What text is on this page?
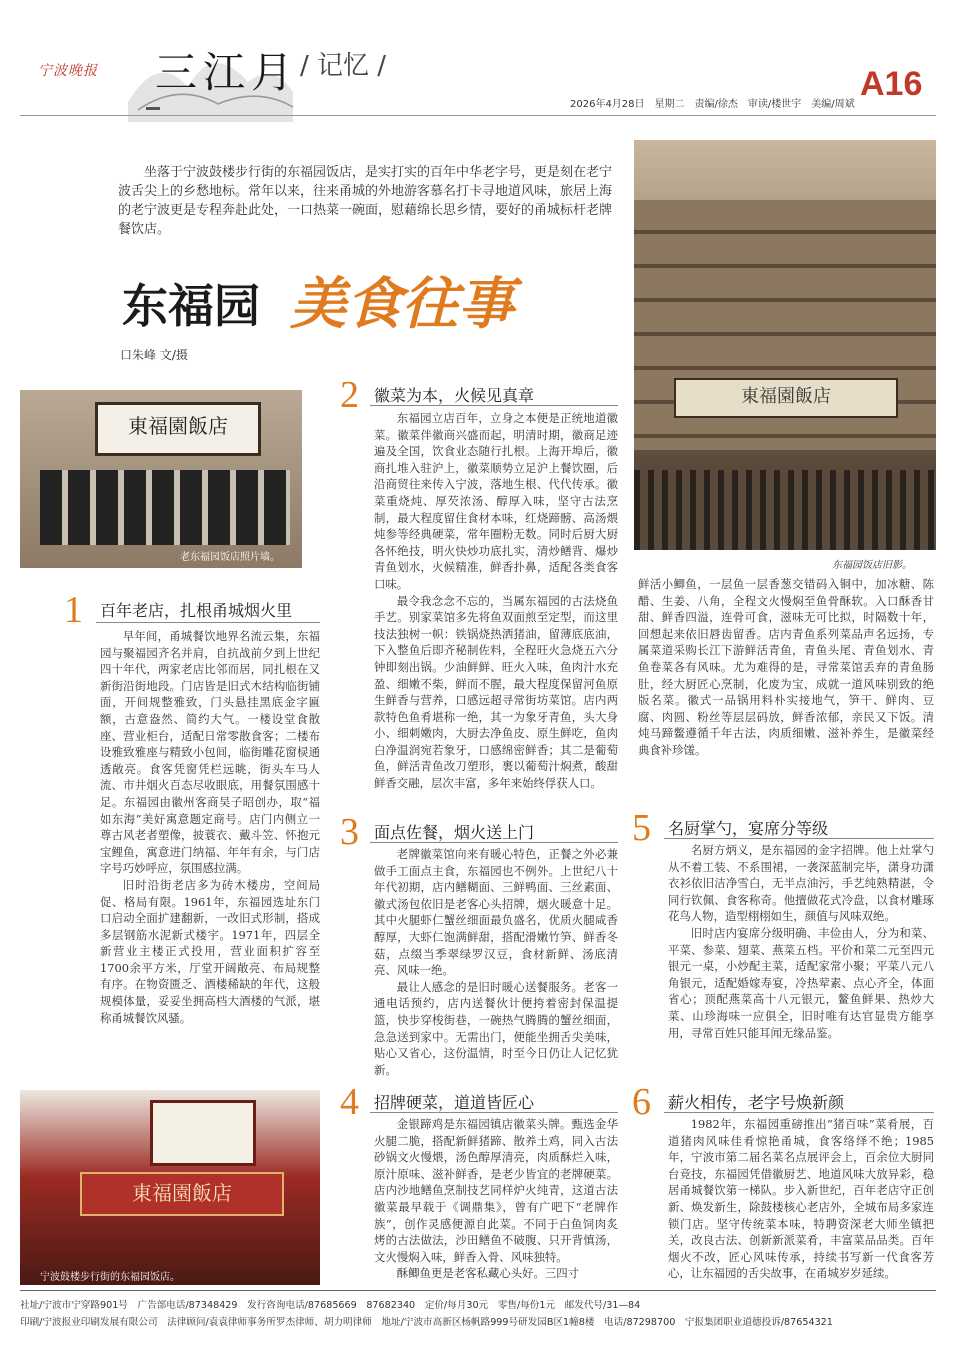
宁波晚报 三江月 / 记忆 /	A16
2026年4月28日　星期二　责编/徐杰　审读/楼世宇　美编/周斌
坐落于宁波鼓楼步行街的东福园饭店，是实打实的百年中华老字号，更是刻在老宁波舌尖上的乡愁地标。常年以来，往来甬城的外地游客慕名打卡寻地道风味，旅居上海的老宁波更是专程奔赴此处，一口热菜一碗面，慰藉绵长思乡情，要好的甬城标杆老牌餐饮店。
东福园 美食往事
口朱峰 文/摄
東福園飯店
老东福园饭店照片墙。
東福園飯店
东福园饭店旧影。
東福園飯店
宁波鼓楼步行街的东福园饭店。
1 百年老店，扎根甬城烟火里

早年间，甬城餐饮地界名流云集，东福园与聚福园齐名并肩，自抗战前夕到上世纪四十年代，两家老店比邻而居，同扎根在又新街沿街地段。门店皆是旧式木结构临街铺面，开间规整雅致，门头悬挂黑底金字匾额，古意盎然、简约大气。一楼设堂食散座、营业柜台，适配日常零散食客；二楼布设雅致雅座与精致小包间，临街雕花窗棂通透敞亮。食客凭窗凭栏远眺，街头车马人流、市井烟火百态尽收眼底，用餐氛围感十足。东福园由徽州客商吴子昭创办，取“福如东海”美好寓意题定商号。店门内侧立一尊古风老者塑像，披蓑衣、戴斗笠、怀抱元宝鲤鱼，寓意进门纳福、年年有余，与门店字号巧妙呼应，氛围感拉满。

旧时沿街老店多为砖木楼房，空间局促、格局有限。1961年，东福园选址东门口启动全面扩建翻新，一改旧式形制，搭成多层钢筋水泥新式楼宇。1971年，四层全新营业主楼正式投用，营业面积扩容至1700余平方米，厅堂开阔敞亮、布局规整有序。在物资匮乏、酒楼稀缺的年代，这般规模体量，妥妥坐拥高档大酒楼的气派，堪称甬城餐饮风骚。

2 徽菜为本，火候见真章

东福园立店百年，立身之本便是正统地道徽菜。徽菜伴徽商兴盛而起，明清时期，徽商足迹遍及全国，饮食业态随行扎根。上海开埠后，徽商扎堆入驻沪上，徽菜顺势立足沪上餐饮圈，后沿商贸往来传入宁波，落地生根、代代传承。徽菜重烧炖、厚芡浓汤、醇厚入味，坚守古法烹制，最大程度留住食材本味，红烧蹄髈、高汤煨炖参等经典硬菜，常年圈粉无数。同时后厨大厨各怀绝技，明火快炒功底扎实，清炒鳝背、爆炒青鱼划水，火候精准，鲜香扑鼻，适配各类食客口味。

最令我念念不忘的，当属东福园的古法烧鱼手艺。别家菜馆多先将鱼双面煎至定型，而这里技法独树一帜：铁锅烧热洒猪油，留薄底底油，下入整鱼后即齐秘制佐料，全程旺火急烧五六分钟即刻出锅。少油鲜鲜、旺火入味，鱼肉汁水充盈、细嫩不柴，鲜而不腥，最大程度保留河鱼原生鲜香与营养，口感远超寻常街坊菜馆。店内两款特色鱼肴堪称一绝，其一为象牙青鱼，头大身小、细刺嫩肉，大厨去净鱼皮、原生鲜吃，鱼肉白净温润宛若象牙，口感绵密鲜香；其二是葡萄鱼，鲜活青鱼改刀塑形，裹以葡萄汁焖煮，酸甜鲜香交融，层次丰富，多年来始终俘获人口。

3 面点佐餐，烟火送上门

老牌徽菜馆向来有暖心特色，正餐之外必兼做手工面点主食，东福园也不例外。上世纪八十年代初期，店内鳝糊面、三鲜鸭面、三丝素面、徽式汤包依旧是老客心头招牌，烟火暖意十足。其中火腿虾仁蟹丝细面最负盛名，优质火腿咸香醇厚，大虾仁饱满鲜甜，搭配滑嫩竹笋、鲜香冬菇，点缀当季翠绿罗汉豆，食材新鲜、汤底清亮、风味一绝。

最让人感念的是旧时暖心送餐服务。老客一通电话预约，店内送餐伙计便挎着密封保温提篮，快步穿梭街巷，一碗热气腾腾的蟹丝细面，急急送到家中。无需出门，便能坐拥舌尖美味，贴心又省心，这份温情，时至今日仍让人记忆犹新。

4 招牌硬菜，道道皆匠心

金银蹄鸡是东福园镇店徽菜头牌。甄选金华火腿二脆，搭配新鲜猪蹄、散养土鸡，同入古法砂锅文火慢煨，汤色醇厚清亮，肉质酥烂入味，原汁原味、滋补鲜香，是老少皆宜的老牌硬菜。店内沙地鳝鱼烹制技艺同样炉火纯青，这道古法徽菜最早载于《调鼎集》，曾有广吧下“老牌作族”，创作灵感便源自此菜。不同于白鱼饲肉炙烤的古法做法，沙田鳝鱼不破腹、只开背慎汤，文火慢焖入味，鲜香入骨、风味独特。

酥鲫鱼更是老客私藏心头好。三四寸

鲜活小鲫鱼，一层鱼一层香葱交错码入铜中，加冰糖、陈醋、生姜、八角，全程文火慢焖至鱼骨酥软。入口酥香甘甜、鲜香四溢，连骨可食，滋味无可比拟，时隔数十年，回想起来依旧唇齿留香。店内青鱼系列菜品声名远扬，专属菜道采购长江下游鲜活青鱼，青鱼头尾、青鱼划水、青鱼卷菜各有风味。尤为难得的是，寻常菜馆丢弃的青鱼肠肚，经大厨匠心烹制，化废为宝，成就一道风味别致的绝版名菜。徽式一品锅用料朴实接地气，笋干、鲜肉、豆腐、肉圆、粉丝等层层码放，鲜香浓郁，亲民又下饭。清炖马蹄鳖遵循千年古法，肉质细嫩、滋补养生，是徽菜经典食补珍馐。

5 名厨掌勺，宴席分等级

名厨方炳义，是东福园的金字招牌。他上灶掌勺从不着工装、不系围裙，一袭深蓝制完毕，潇身功潇衣衫依旧洁净雪白，无半点油污，手艺纯熟精湛，令同行钦佩、食客称奇。他擅做花式冷盘，以食材雕琢花鸟人物，造型栩栩如生，颜值与风味双绝。

旧时店内宴席分级明确、丰俭由人，分为和菜、平菜、参菜、翅菜、燕菜五档。平价和菜二元至四元银元一桌，小炒配主菜，适配家常小聚；平菜八元八角银元，适配婚嫁寿宴，冷热荤素、点心齐全，体面省心；顶配燕菜高十八元银元，鳌鱼鲜果、热炒大菜、山珍海味一应俱全，旧时唯有达官显贵方能享用，寻常百姓只能耳闻无缘品鉴。

6 薪火相传，老字号焕新颜

1982年，东福园重磅推出“猪百味”菜肴展，百道猪肉风味佳肴惊艳甬城，食客络绎不绝；1985年，宁波市第二届名菜名点展评会上，百余位大厨同台竞技，东福园凭借徽厨艺、地道风味大放异彩，稳居甬城餐饮第一梯队。步入新世纪，百年老店守正创新、焕发新生，除鼓楼核心老店外，全城布局多家连锁门店。坚守传统菜本味，特聘资深老大师坐镇把关，改良古法、创新新派菜肴，丰富菜品品类。百年烟火不改，匠心风味传承，持续书写新一代食客芳心，让东福园的舌尖故事，在甬城岁岁延续。

社址/宁波市宁穿路901号　广告部电话/87348429　发行咨询电话/87685669　87682340　定价/每月30元　零售/每份1元　邮发代号/31—84
印刷/宁波报业印刷发展有限公司　法律顾问/袁袁律师事务所罗杰律师、胡力明律师　地址/宁波市高新区杨帆路999号研发园B区1幢8楼　电话/87298700　宁报集团职业道德投诉/87654321
